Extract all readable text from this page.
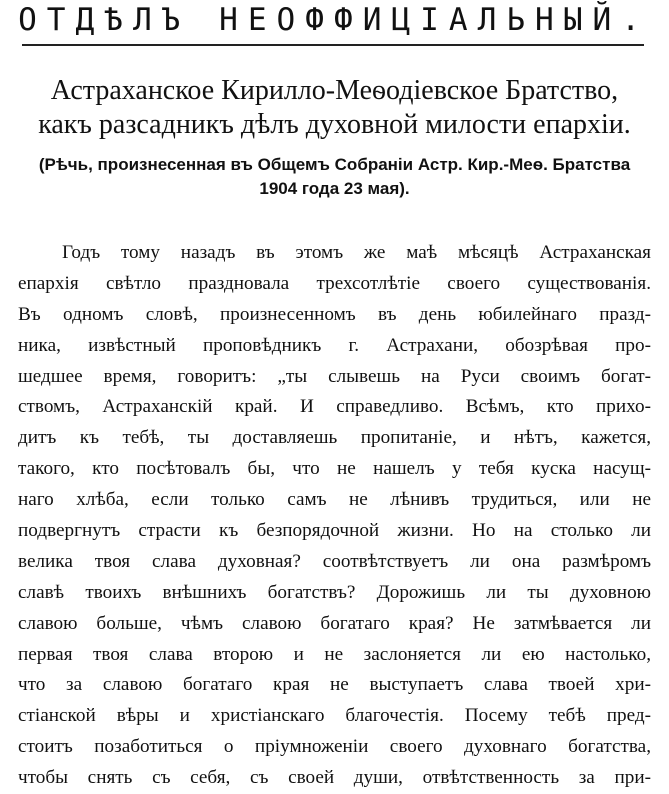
ОТДѢЛЪ НЕОФФИЦІАЛЬНЫЙ.
Астраханское Кирилло-Меѳодіевское Братство,
какъ разсадникъ дѣлъ духовной милости епархіи.
(Рѣчь, произнесенная въ Общемъ Собраніи Астр. Кир.-Меѳ. Братства
1904 года 23 мая).
Годъ тому назадъ въ этомъ же маѣ мѣсяцѣ Астраханская
епархія свѣтло праздновала трехсотлѣтіе своего существованія.
Въ одномъ словѣ, произнесенномъ въ день юбилейнаго празд-
ника, извѣстный проповѣдникъ г. Астрахани, обозрѣвая про-
шедшее время, говоритъ: „ты слывешь на Руси своимъ богат-
ствомъ, Астраханскій край. И справедливо. Всѣмъ, кто прихо-
дитъ къ тебѣ, ты доставляешь пропитаніе, и нѣтъ, кажется,
такого, кто посѣтовалъ бы, что не нашелъ у тебя куска насущ-
наго хлѣба, если только самъ не лѣнивъ трудиться, или не
подвергнутъ страсти къ безпорядочной жизни. Но на столько ли
велика твоя слава духовная? соотвѣтствуетъ ли она размѣромъ
славѣ твоихъ внѣшнихъ богатствъ? Дорожишь ли ты духовною
славою больше, чѣмъ славою богатаго края? Не затмѣвается ли
первая твоя слава второю и не заслоняется ли ею настолько,
что за славою богатаго края не выступаетъ слава твоей хри-
стіанской вѣры и христіанскаго благочестія. Посему тебѣ пред-
стоитъ позаботиться о пріумноженіи своего духовнаго богатства,
чтобы снять съ себя, съ своей души, отвѣтственность за при-
